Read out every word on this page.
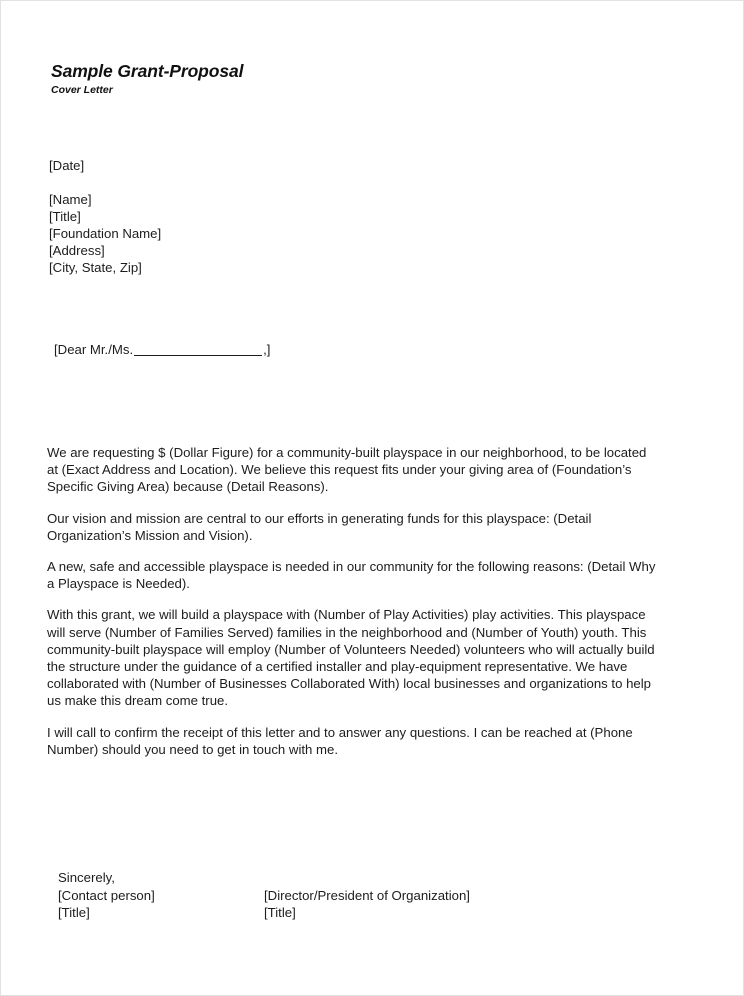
Sample Grant-Proposal
Cover Letter
[Date]
[Name]
[Title]
[Foundation Name]
[Address]
[City, State, Zip]
[Dear Mr./Ms.	,]

We are requesting $ (Dollar Figure) for a community-built playspace in our neighborhood, to be located at (Exact Address and Location). We believe this request fits under your giving area of (Foundation’s Specific Giving Area) because (Detail Reasons).

Our vision and mission are central to our efforts in generating funds for this playspace: (Detail Organization’s Mission and Vision).

A new, safe and accessible playspace is needed in our community for the following reasons: (Detail Why a Playspace is Needed).

With this grant, we will build a playspace with (Number of Play Activities) play activities. This playspace will serve (Number of Families Served) families in the neighborhood and (Number of Youth) youth. This community-built playspace will employ (Number of Volunteers Needed) volunteers who will actually build the structure under the guidance of a certified installer and play-equipment representative. We have collaborated with (Number of Businesses Collaborated With) local businesses and organizations to help us make this dream come true.

I will call to confirm the receipt of this letter and to answer any questions. I can be reached at (Phone Number) should you need to get in touch with me.

Sincerely,
[Contact person]
[Title]
[Director/President of Organization]
[Title]
